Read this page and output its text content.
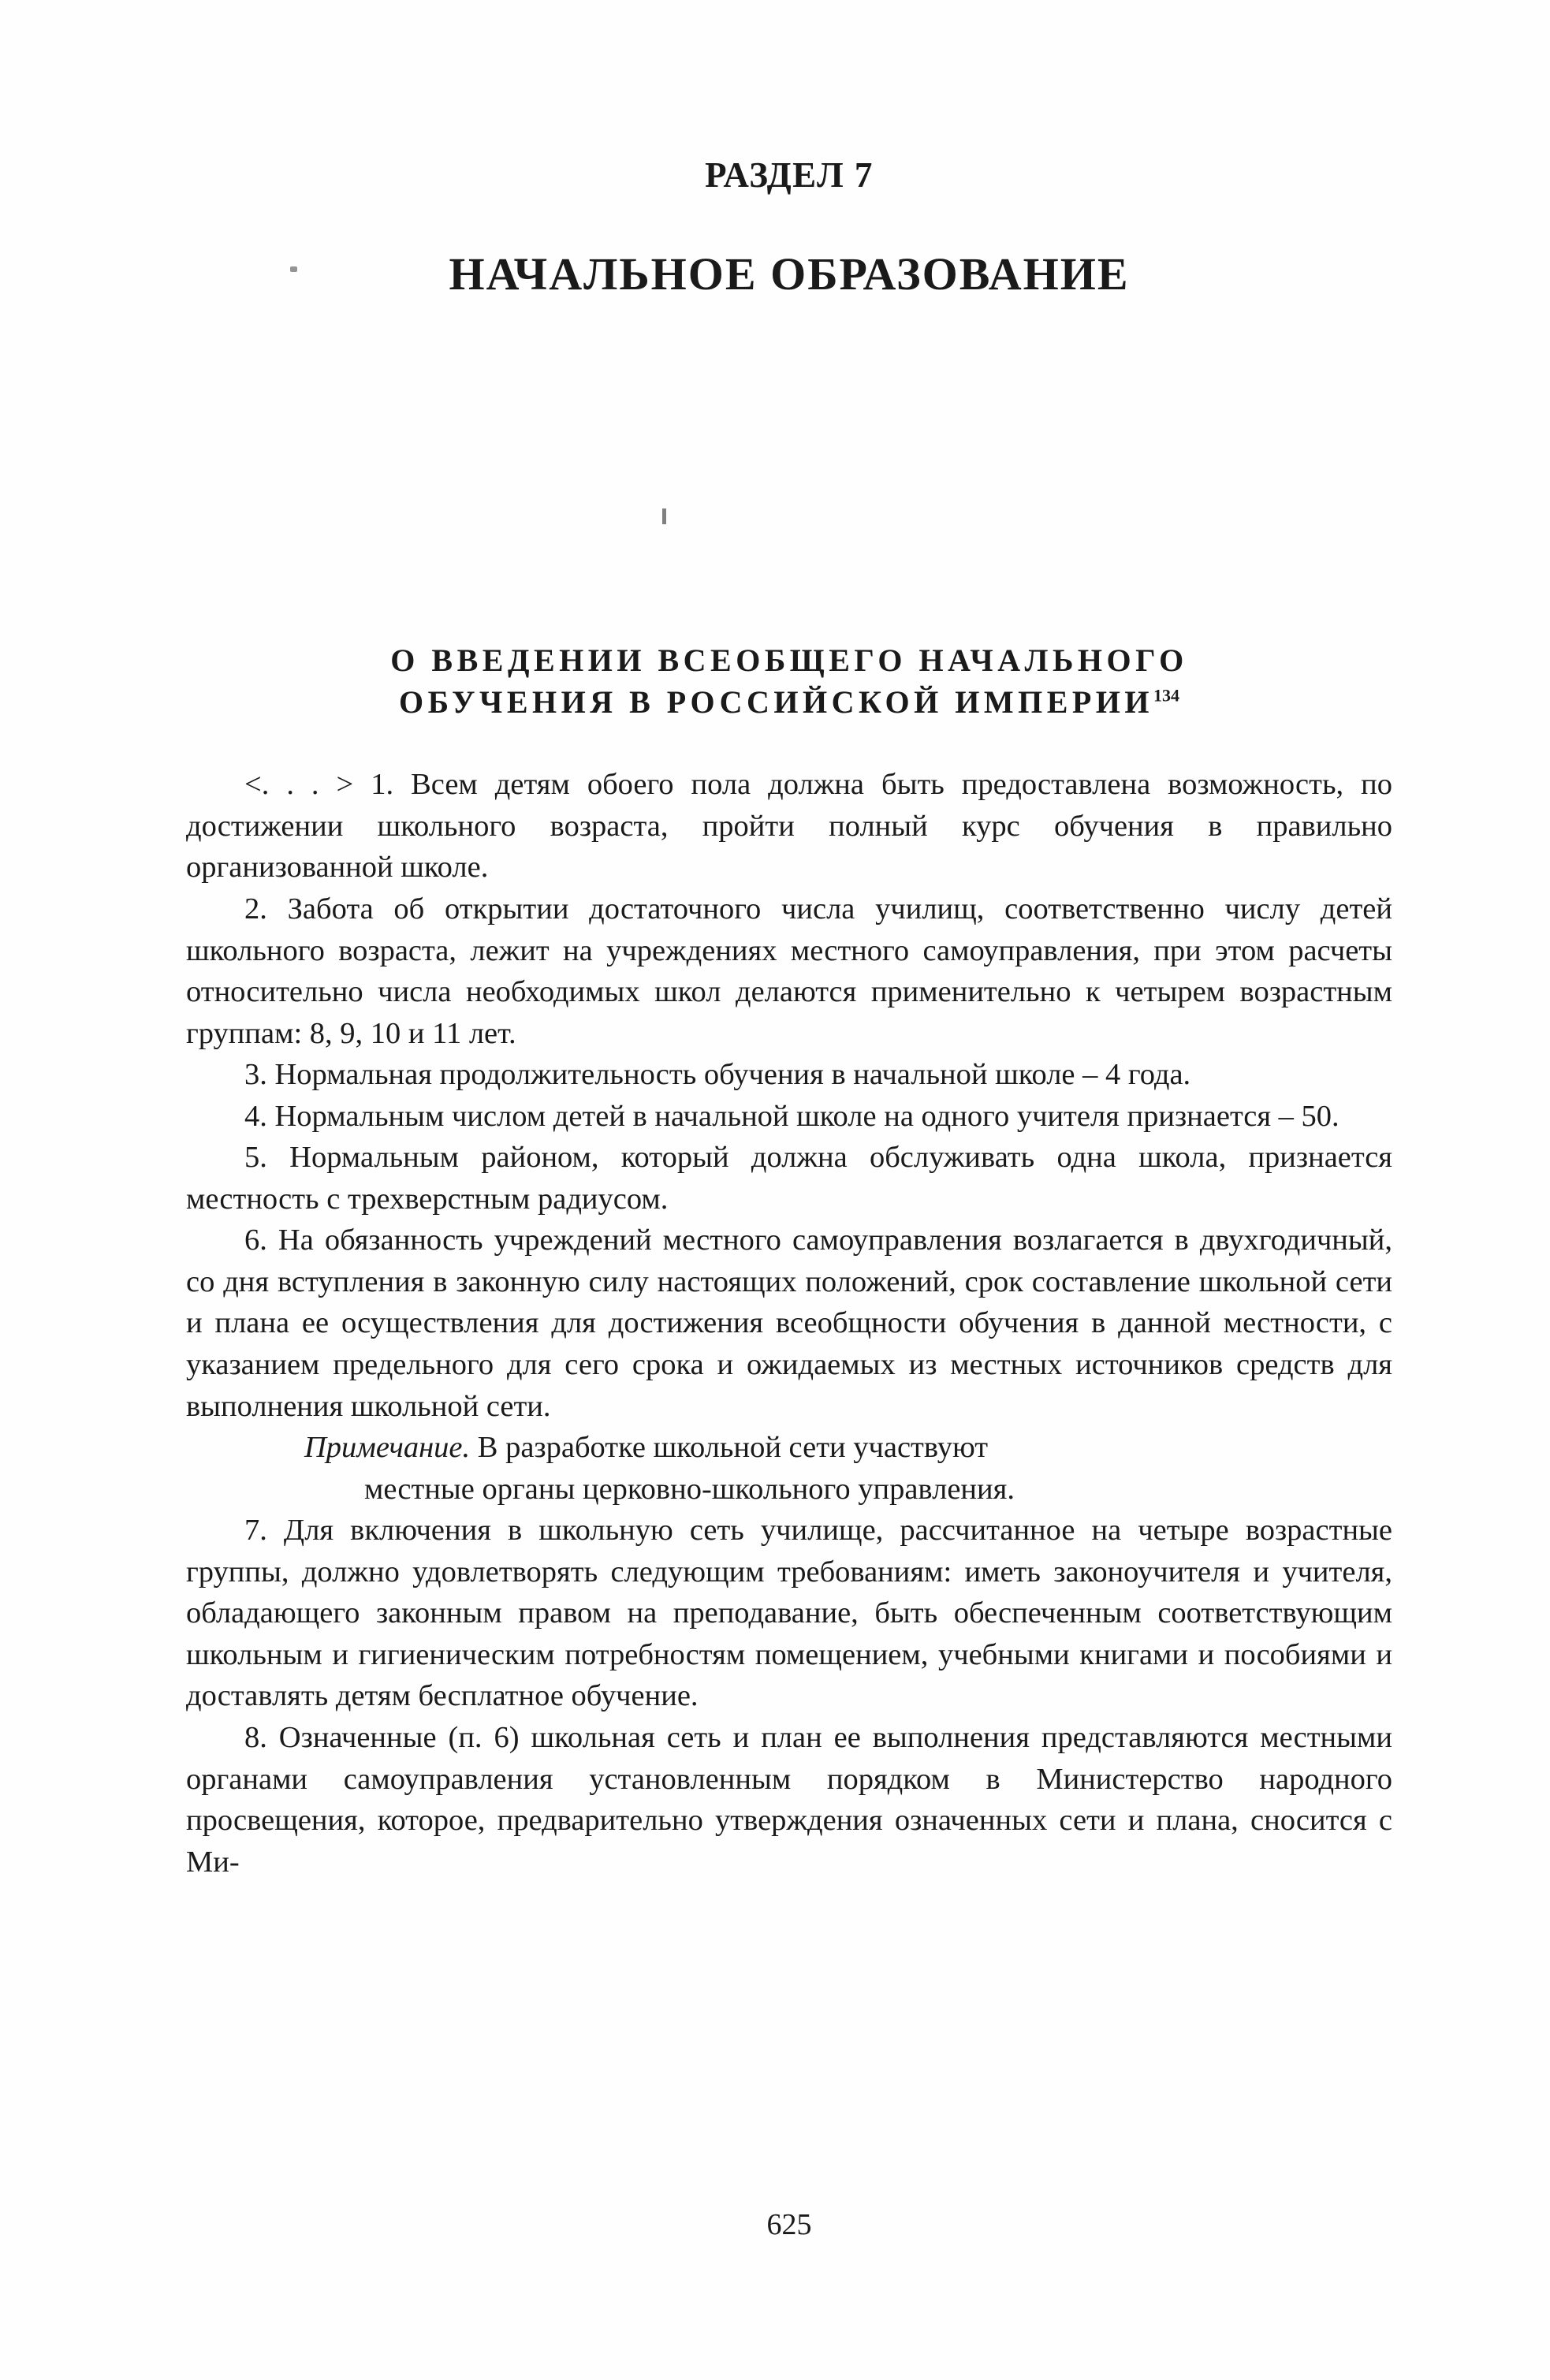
РАЗДЕЛ 7
НАЧАЛЬНОЕ ОБРАЗОВАНИЕ
О ВВЕДЕНИИ ВСЕОБЩЕГО НАЧАЛЬНОГО
ОБУЧЕНИЯ В РОССИЙСКОЙ ИМПЕРИИ$^{134}$

<. . . > 1. Всем детям обоего пола должна быть предоставлена возможность, по достижении школьного возраста, пройти полный курс обучения в правильно организованной школе.

2. Забота об открытии достаточного числа училищ, соответственно числу детей школьного возраста, лежит на учреждениях местного самоуправления, при этом расчеты относительно числа необходимых школ делаются применительно к четырем возрастным группам: 8, 9, 10 и 11 лет.

3. Нормальная продолжительность обучения в начальной школе – 4 года.

4. Нормальным числом детей в начальной школе на одного учителя признается – 50.

5. Нормальным районом, который должна обслуживать одна школа, признается местность с трехверстным радиусом.

6. На обязанность учреждений местного самоуправления возлагается в двухгодичный, со дня вступления в законную силу настоящих положений, срок составление школьной сети и плана ее осуществления для достижения всеобщности обучения в данной местности, с указанием предельного для сего срока и ожидаемых из местных источников средств для выполнения школьной сети.

Примечание. В разработке школьной сети участвуют

местные органы церковно-школьного управления.

7. Для включения в школьную сеть училище, рассчитанное на четыре возрастные группы, должно удовлетворять следующим требованиям: иметь законоучителя и учителя, обладающего законным правом на преподавание, быть обеспеченным соответствующим школьным и гигиеническим потребностям помещением, учебными книгами и пособиями и доставлять детям бесплатное обучение.

8. Означенные (п. 6) школьная сеть и план ее выполнения представляются местными органами самоуправления установленным порядком в Министерство народного просвещения, которое, предварительно утверждения означенных сети и плана, сносится с Ми-

625
